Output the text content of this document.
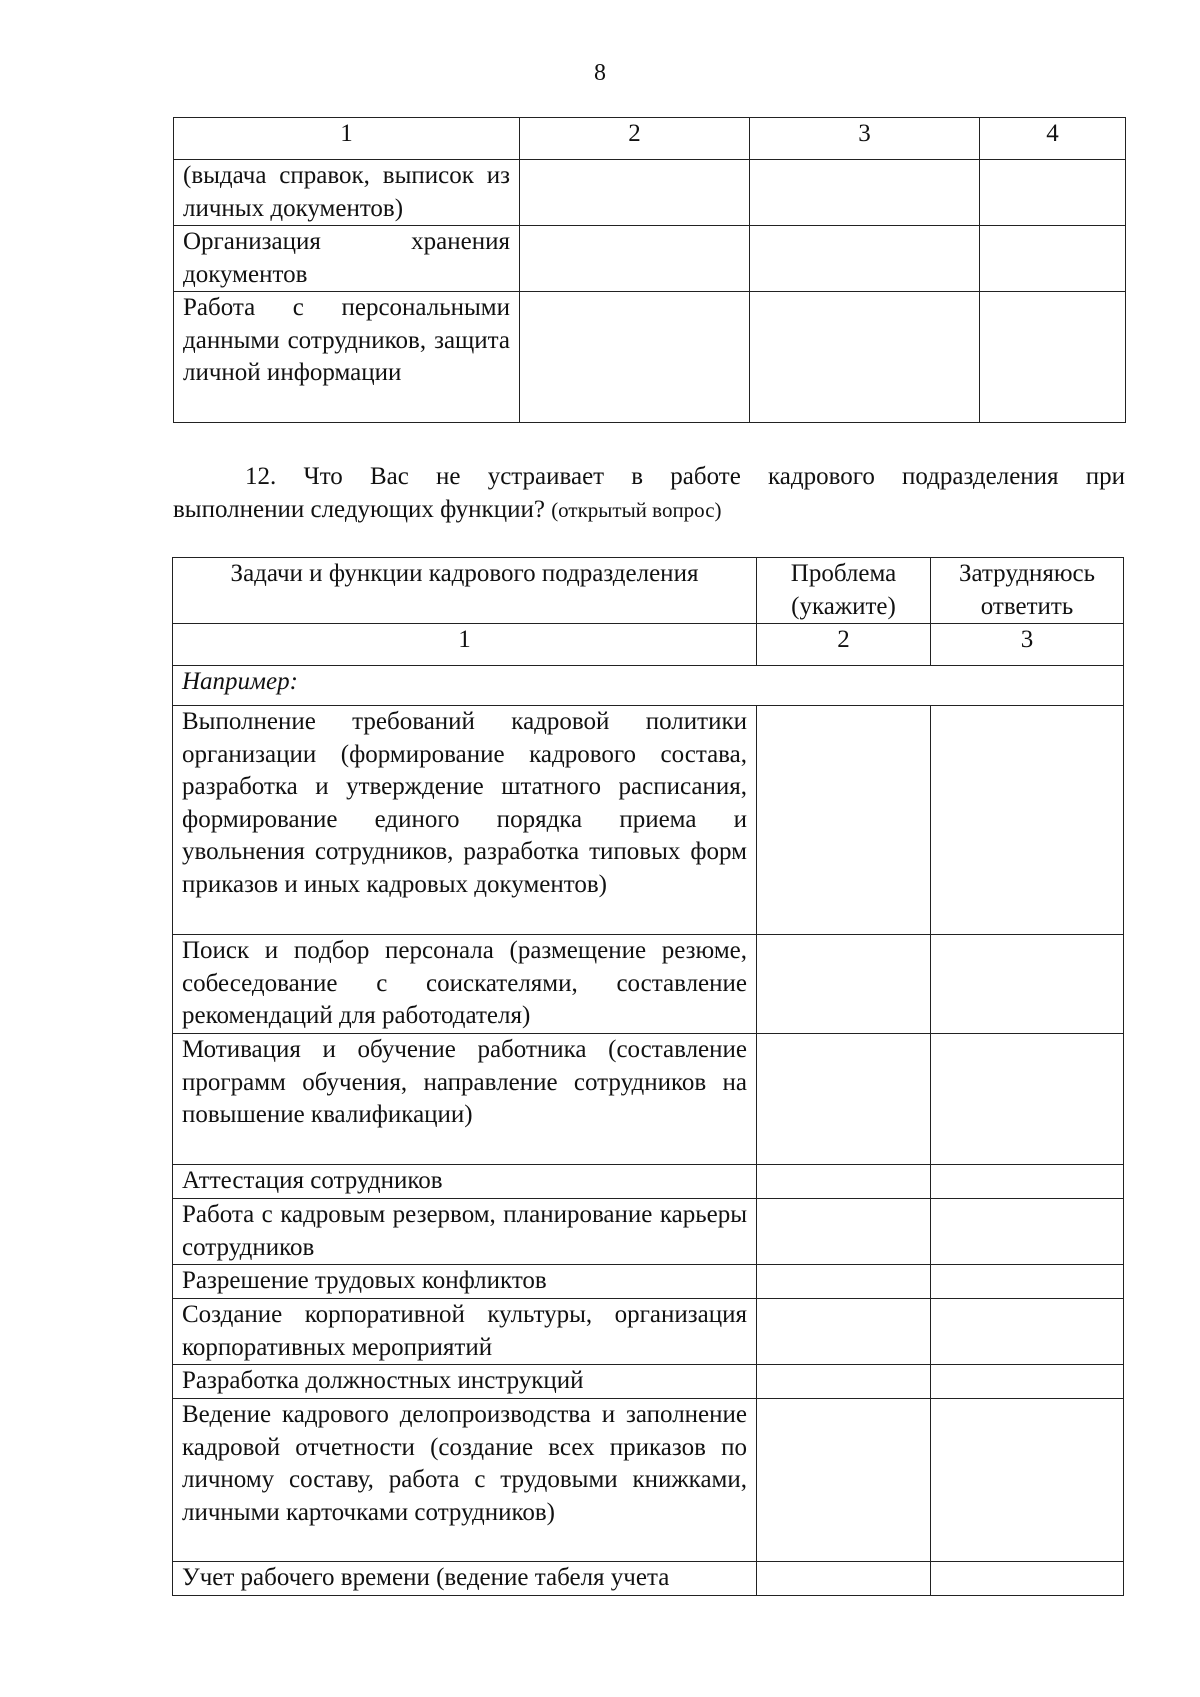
8
1	2	3	4
(выдача справок, выписок из личных документов)			
Организация хранения документов			
Работа с персональными данными сотрудников, защита личной информации			
12. Что Вас не устраивает в работе кадрового подразделения при
выполнении следующих функции? (открытый вопрос)
Задачи и функции кадрового подразделения	Проблема (укажите)	Затрудняюсь ответить
1	2	3
Например:		
Выполнение требований кадровой политики организации (формирование кадрового состава, разработка и утверждение штатного расписания, формирование единого порядка приема и увольнения сотрудников, разработка типовых форм приказов и иных кадровых документов)		
Поиск и подбор персонала (размещение резюме, собеседование с соискателями, составление рекомендаций для работодателя)		
Мотивация и обучение работника (составление программ обучения, направление сотрудников на повышение квалификации)		
Аттестация сотрудников		
Работа с кадровым резервом, планирование карьеры сотрудников		
Разрешение трудовых конфликтов		
Создание корпоративной культуры, организация корпоративных мероприятий		
Разработка должностных инструкций		
Ведение кадрового делопроизводства и заполнение кадровой отчетности (создание всех приказов по личному составу, работа с трудовыми книжками, личными карточками сотрудников)		
Учет рабочего времени (ведение табеля учета		
